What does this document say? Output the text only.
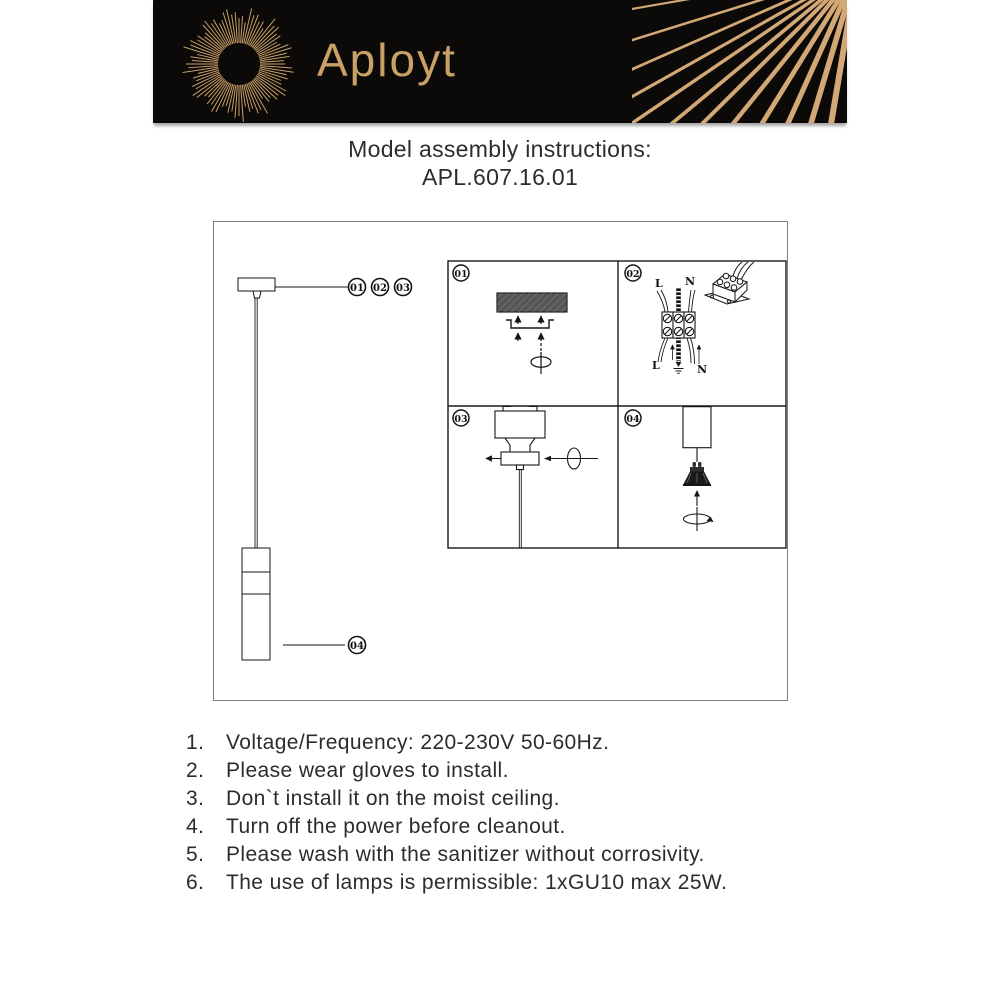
Aployt
Model assembly instructions:
APL.607.16.01
01 02 03
04
01	02
03	04
L N
L	N
1.	Voltage/Frequency: 220-230V 50-60Hz.
2.	Please wear gloves to install.
3.	Don`t install it on the moist ceiling.
4.	Turn off the power before cleanout.
5.	Please wash with the sanitizer without corrosivity.
6.	The use of lamps is permissible: 1xGU10 max 25W.
